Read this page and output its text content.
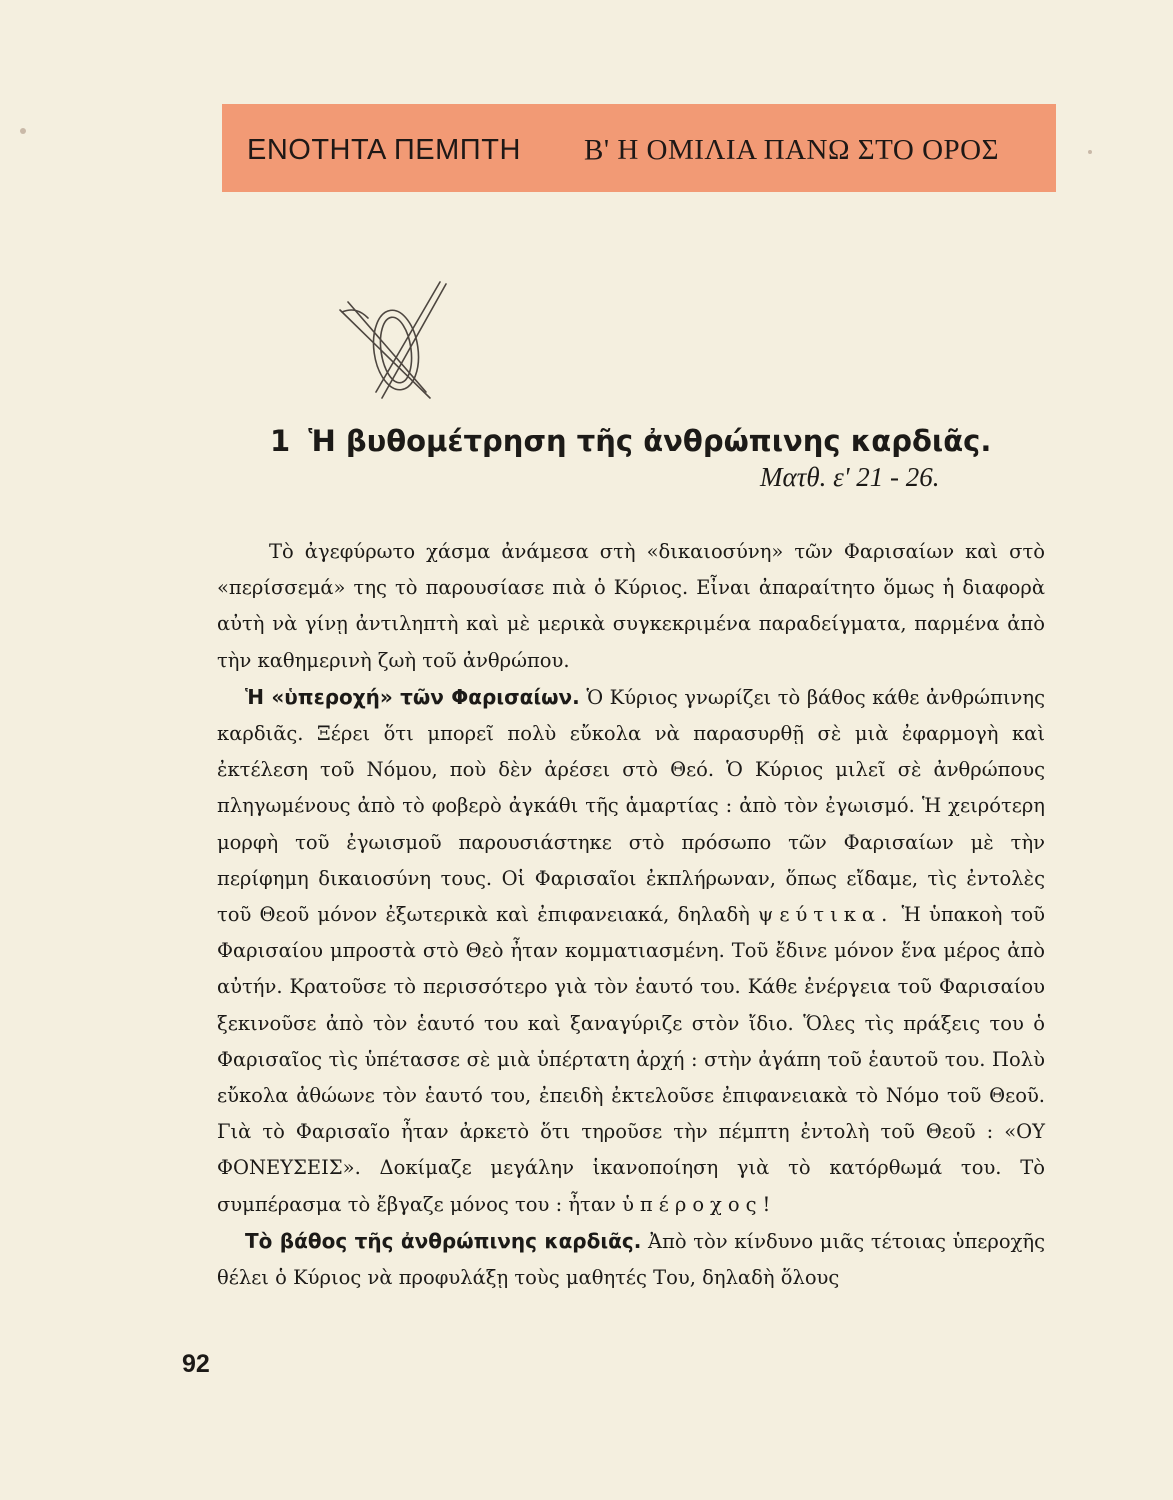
ΕΝΟΤΗΤΑ ΠΕΜΠΤΗ Β' Η ΟΜΙΛΙΑ ΠΑΝΩ ΣΤΟ ΟΡΟΣ
1 Ἡ βυθομέτρηση τῆς ἀνθρώπινης καρδιᾶς.
Ματθ. ε' 21 - 26.

Τὸ ἀγεφύρωτο χάσμα ἀνάμεσα στὴ «δικαιοσύνη» τῶν Φαρισαίων καὶ στὸ «περίσσεμά» της τὸ παρουσίασε πιὰ ὁ Κύριος. Εἶναι ἀπαραίτητο ὅμως ἡ διαφορὰ αὐτὴ νὰ γίνῃ ἀντιληπτὴ καὶ μὲ μερικὰ συγκεκριμένα παραδείγματα, παρμένα ἀπὸ τὴν καθημερινὴ ζωὴ τοῦ ἀνθρώπου.

Ἡ «ὑπεροχή» τῶν Φαρισαίων. Ὁ Κύριος γνωρίζει τὸ βάθος κάθε ἀνθρώπινης καρδιᾶς. Ξέρει ὅτι μπορεῖ πολὺ εὔκολα νὰ παρασυρθῇ σὲ μιὰ ἐφαρμογὴ καὶ ἐκτέλεση τοῦ Νόμου, ποὺ δὲν ἀρέσει στὸ Θεό. Ὁ Κύριος μιλεῖ σὲ ἀνθρώπους πληγωμένους ἀπὸ τὸ φοβερὸ ἀγκάθι τῆς ἁμαρτίας : ἀπὸ τὸν ἐγωισμό. Ἡ χειρότερη μορφὴ τοῦ ἐγωισμοῦ παρουσιάστηκε στὸ πρόσωπο τῶν Φαρισαίων μὲ τὴν περίφημη δικαιοσύνη τους. Οἱ Φαρισαῖοι ἐκπλήρωναν, ὅπως εἴδαμε, τὶς ἐντολὲς τοῦ Θεοῦ μόνον ἐξωτερικὰ καὶ ἐπιφανειακά, δηλαδὴ ψεύτικα. Ἡ ὑπακοὴ τοῦ Φαρισαίου μπροστὰ στὸ Θεὸ ἦταν κομματιασμένη. Τοῦ ἔδινε μόνον ἕνα μέρος ἀπὸ αὐτήν. Κρατοῦσε τὸ περισσότερο γιὰ τὸν ἑαυτό του. Κάθε ἐνέργεια τοῦ Φαρισαίου ξεκινοῦσε ἀπὸ τὸν ἑαυτό του καὶ ξαναγύριζε στὸν ἴδιο. Ὅλες τὶς πράξεις του ὁ Φαρισαῖος τὶς ὑπέτασσε σὲ μιὰ ὑπέρτατη ἀρχή : στὴν ἀγάπη τοῦ ἑαυτοῦ του. Πολὺ εὔκολα ἀθώωνε τὸν ἑαυτό του, ἐπειδὴ ἐκτελοῦσε ἐπιφανειακὰ τὸ Νόμο τοῦ Θεοῦ. Γιὰ τὸ Φαρισαῖο ἦταν ἀρκετὸ ὅτι τηροῦσε τὴν πέμπτη ἐντολὴ τοῦ Θεοῦ : «ΟΥ ΦΟΝΕΥΣΕΙΣ». Δοκίμαζε μεγάλην ἱκανοποίηση γιὰ τὸ κατόρθωμά του. Τὸ συμπέρασμα τὸ ἔβγαζε μόνος του : ἦταν ὑπέροχος!

Τὸ βάθος τῆς ἀνθρώπινης καρδιᾶς. Ἀπὸ τὸν κίνδυνο μιᾶς τέτοιας ὑπεροχῆς θέλει ὁ Κύριος νὰ προφυλάξῃ τοὺς μαθητές Του, δηλαδὴ ὅλους

92
